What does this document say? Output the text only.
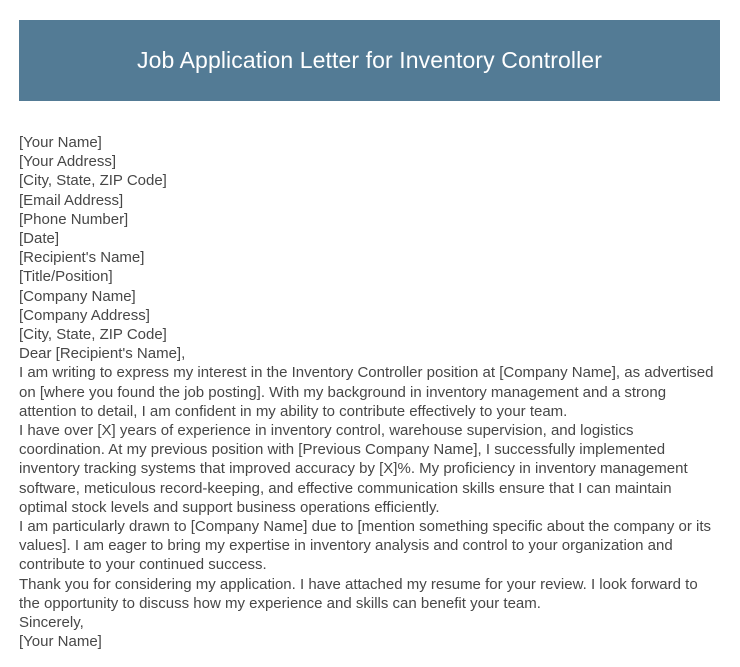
Job Application Letter for Inventory Controller
[Your Name]
[Your Address]
[City, State, ZIP Code]
[Email Address]
[Phone Number]
[Date]
[Recipient's Name]
[Title/Position]
[Company Name]
[Company Address]
[City, State, ZIP Code]
Dear [Recipient's Name],

I am writing to express my interest in the Inventory Controller position at [Company Name], as advertised on [where you found the job posting]. With my background in inventory management and a strong attention to detail, I am confident in my ability to contribute effectively to your team.

I have over [X] years of experience in inventory control, warehouse supervision, and logistics coordination. At my previous position with [Previous Company Name], I successfully implemented inventory tracking systems that improved accuracy by [X]%. My proficiency in inventory management software, meticulous record-keeping, and effective communication skills ensure that I can maintain optimal stock levels and support business operations efficiently.

I am particularly drawn to [Company Name] due to [mention something specific about the company or its values]. I am eager to bring my expertise in inventory analysis and control to your organization and contribute to your continued success.

Thank you for considering my application. I have attached my resume for your review. I look forward to the opportunity to discuss how my experience and skills can benefit your team.

Sincerely,
[Your Name]
